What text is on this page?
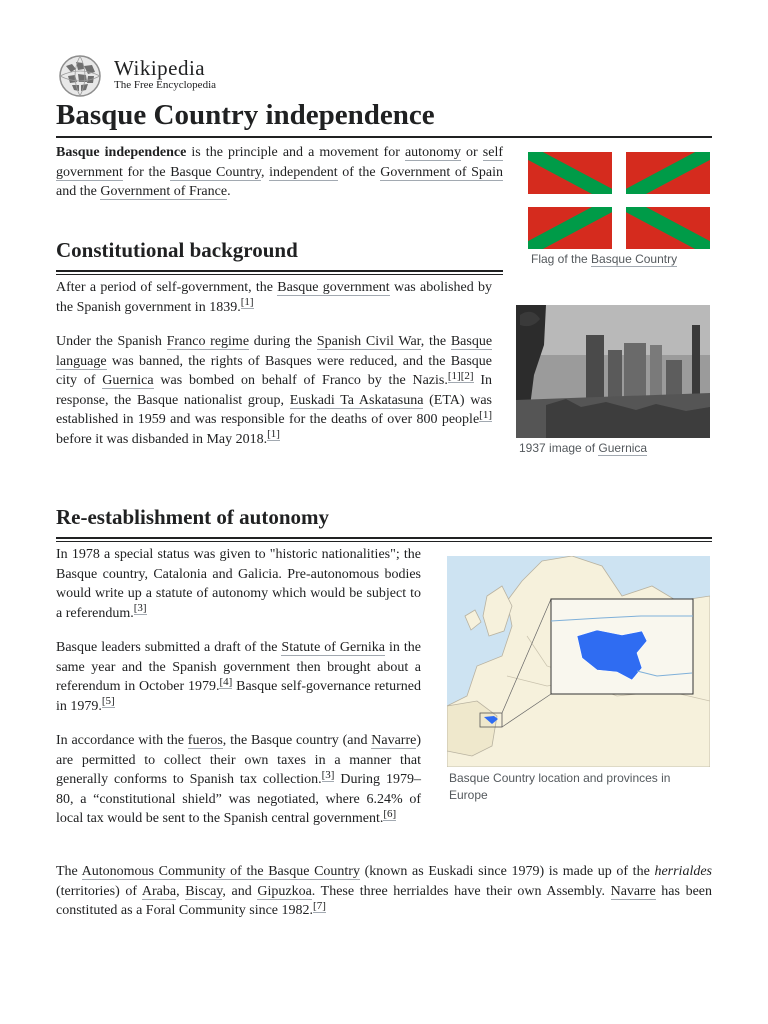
Wikipedia
The Free Encyclopedia
Basque Country independence

Basque independence is the principle and a movement for autonomy or self government for the Basque Country, independent of the Government of Spain and the Government of France.

Flag of the Basque Country
Constitutional background

After a period of self-government, the Basque government was abolished by the Spanish government in 1839.[1]

Under the Spanish Franco regime during the Spanish Civil War, the Basque language was banned, the rights of Basques were reduced, and the Basque city of Guernica was bombed on behalf of Franco by the Nazis.[1][2] In response, the Basque nationalist group, Euskadi Ta Askatasuna (ETA) was established in 1959 and was responsible for the deaths of over 800 people[1] before it was disbanded in May 2018.[1]

1937 image of Guernica
Re-establishment of autonomy

In 1978 a special status was given to "historic nationalities"; the Basque country, Catalonia and Galicia. Pre-autonomous bodies would write up a statute of autonomy which would be subject to a referendum.[3]

Basque leaders submitted a draft of the Statute of Gernika in the same year and the Spanish government then brought about a referendum in October 1979.[4] Basque self-governance returned in 1979.[5]

In accordance with the fueros, the Basque country (and Navarre) are permitted to collect their own taxes in a manner that generally conforms to Spanish tax collection.[3] During 1979–80, a “constitutional shield” was negotiated, where 6.24% of local tax would be sent to the Spanish central government.[6]

Basque Country location and provinces in Europe

The Autonomous Community of the Basque Country (known as Euskadi since 1979) is made up of the herrialdes (territories) of Araba, Biscay, and Gipuzkoa. These three herrialdes have their own Assembly. Navarre has been constituted as a Foral Community since 1982.[7]
